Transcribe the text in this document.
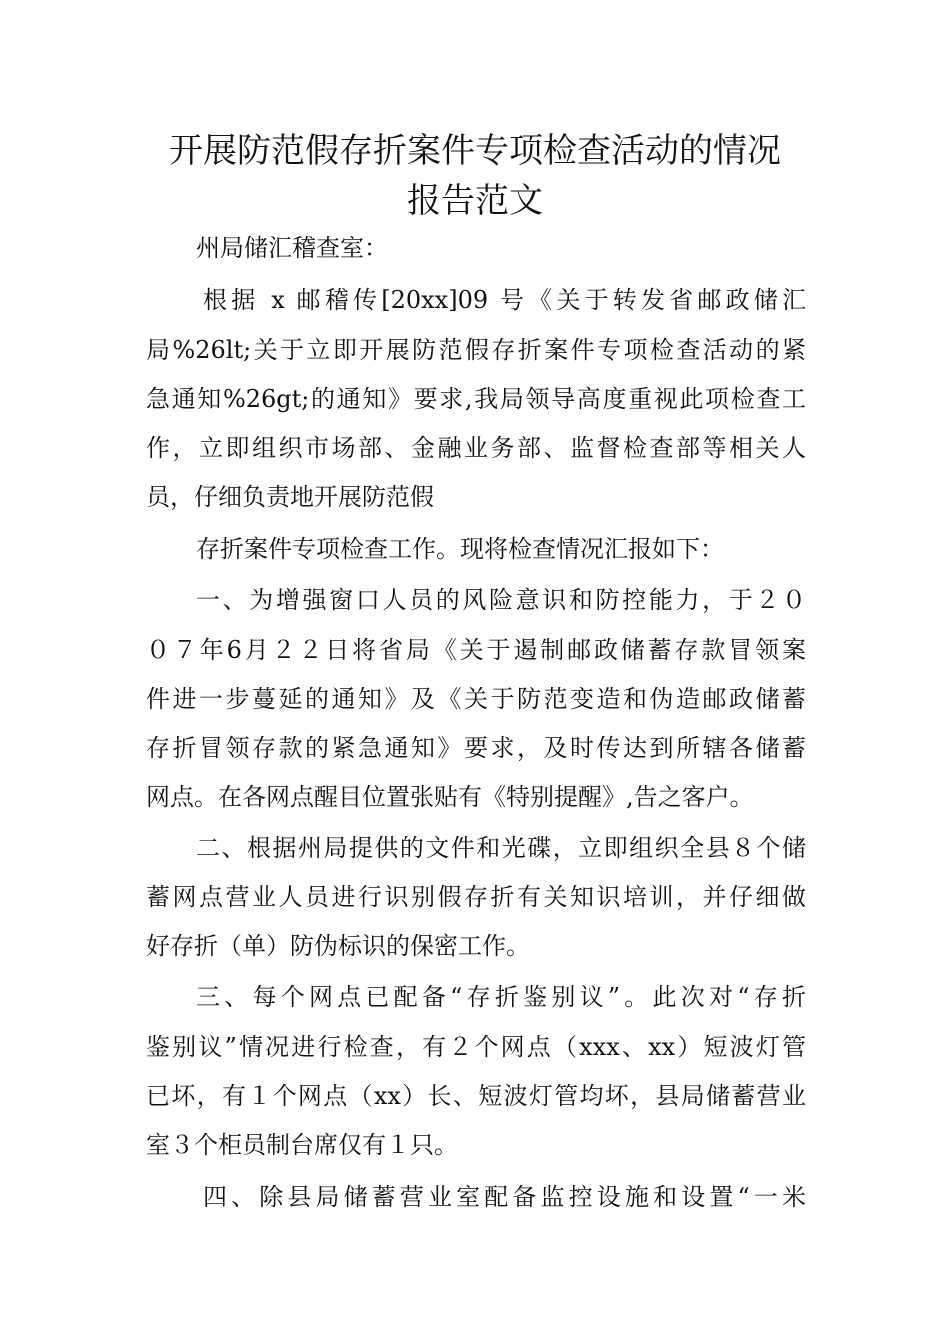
开展防范假存折案件专项检查活动的情况
报告范文
州局储汇稽查室：
根据 x 邮稽传[20xx]09 号《关于转发省邮政储汇
局%26lt;关于立即开展防范假存折案件专项检查活动的紧
急通知%26gt;的通知》要求,我局领导高度重视此项检查工
作，立即组织市场部、金融业务部、监督检查部等相关人
员，仔细负责地开展防范假
存折案件专项检查工作。现将检查情况汇报如下：
一、为增强窗口人员的风险意识和防控能力，于２０
０７年6月２２日将省局《关于遏制邮政储蓄存款冒领案
件进一步蔓延的通知》及《关于防范变造和伪造邮政储蓄
存折冒领存款的紧急通知》要求，及时传达到所辖各储蓄
网点。在各网点醒目位置张贴有《特别提醒》,告之客户。
二、根据州局提供的文件和光碟，立即组织全县８个储
蓄网点营业人员进行识别假存折有关知识培训，并仔细做
好存折（单）防伪标识的保密工作。
三、每个网点已配备“存折鉴别议”。此次对“存折
鉴别议”情况进行检查，有２个网点（xxx、xx）短波灯管
已坏，有１个网点（xx）长、短波灯管均坏，县局储蓄营业
室３个柜员制台席仅有１只。
四、除县局储蓄营业室配备监控设施和设置“一米
